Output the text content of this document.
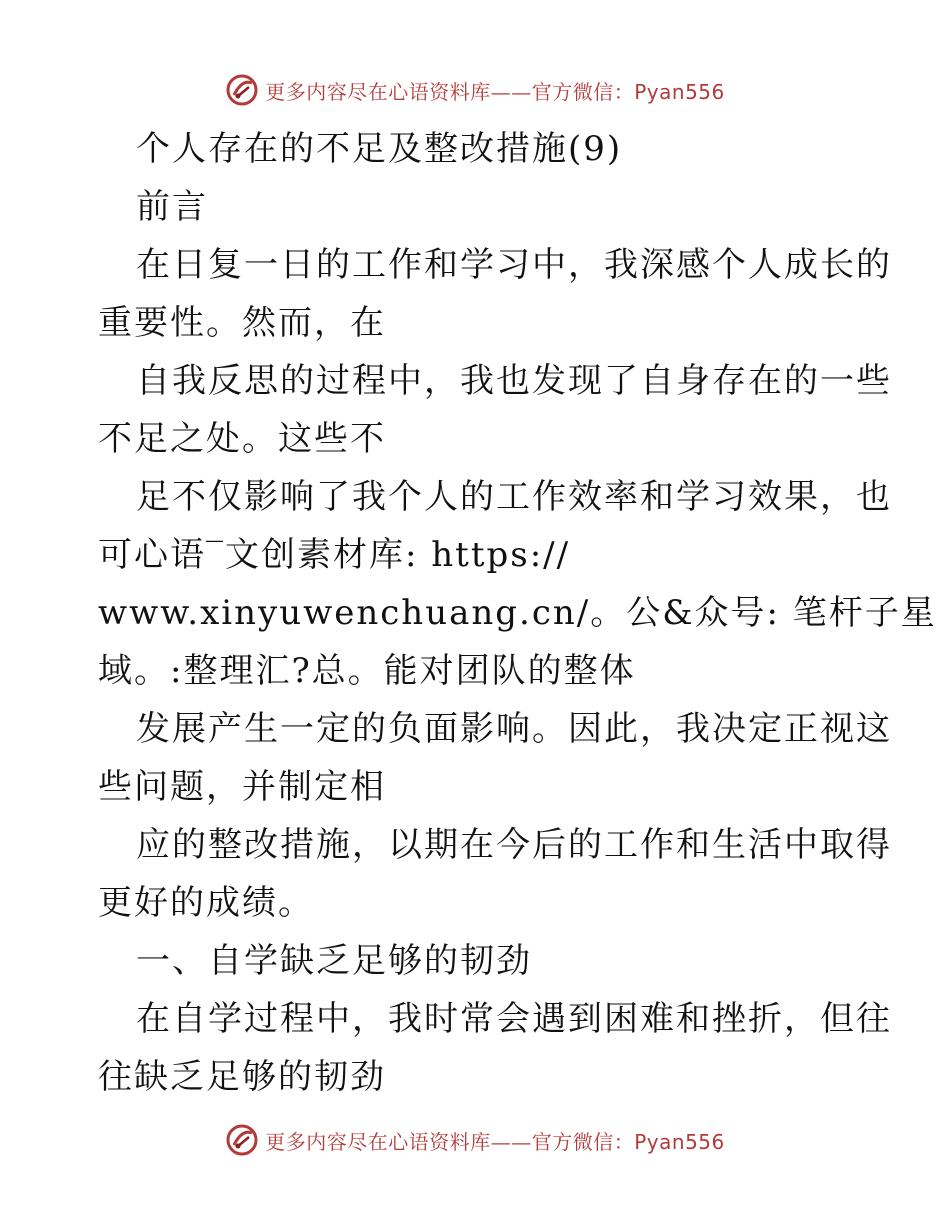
更多内容尽在心语资料库——官方微信：Pyan556
个人存在的不足及整改措施(9)
前言
在日复一日的工作和学习中，我深感个人成长的
重要性。然而，在
自我反思的过程中，我也发现了自身存在的一些
不足之处。这些不
足不仅影响了我个人的工作效率和学习效果，也
可心语‾文创素材库: https://
www.xinyuwenchuang.cn/。公&众号: 笔杆子星
域。:整理汇?总。能对团队的整体
发展产生一定的负面影响。因此，我决定正视这
些问题，并制定相
应的整改措施，以期在今后的工作和生活中取得
更好的成绩。
一、自学缺乏足够的韧劲
在自学过程中，我时常会遇到困难和挫折，但往
往缺乏足够的韧劲
更多内容尽在心语资料库——官方微信：Pyan556
